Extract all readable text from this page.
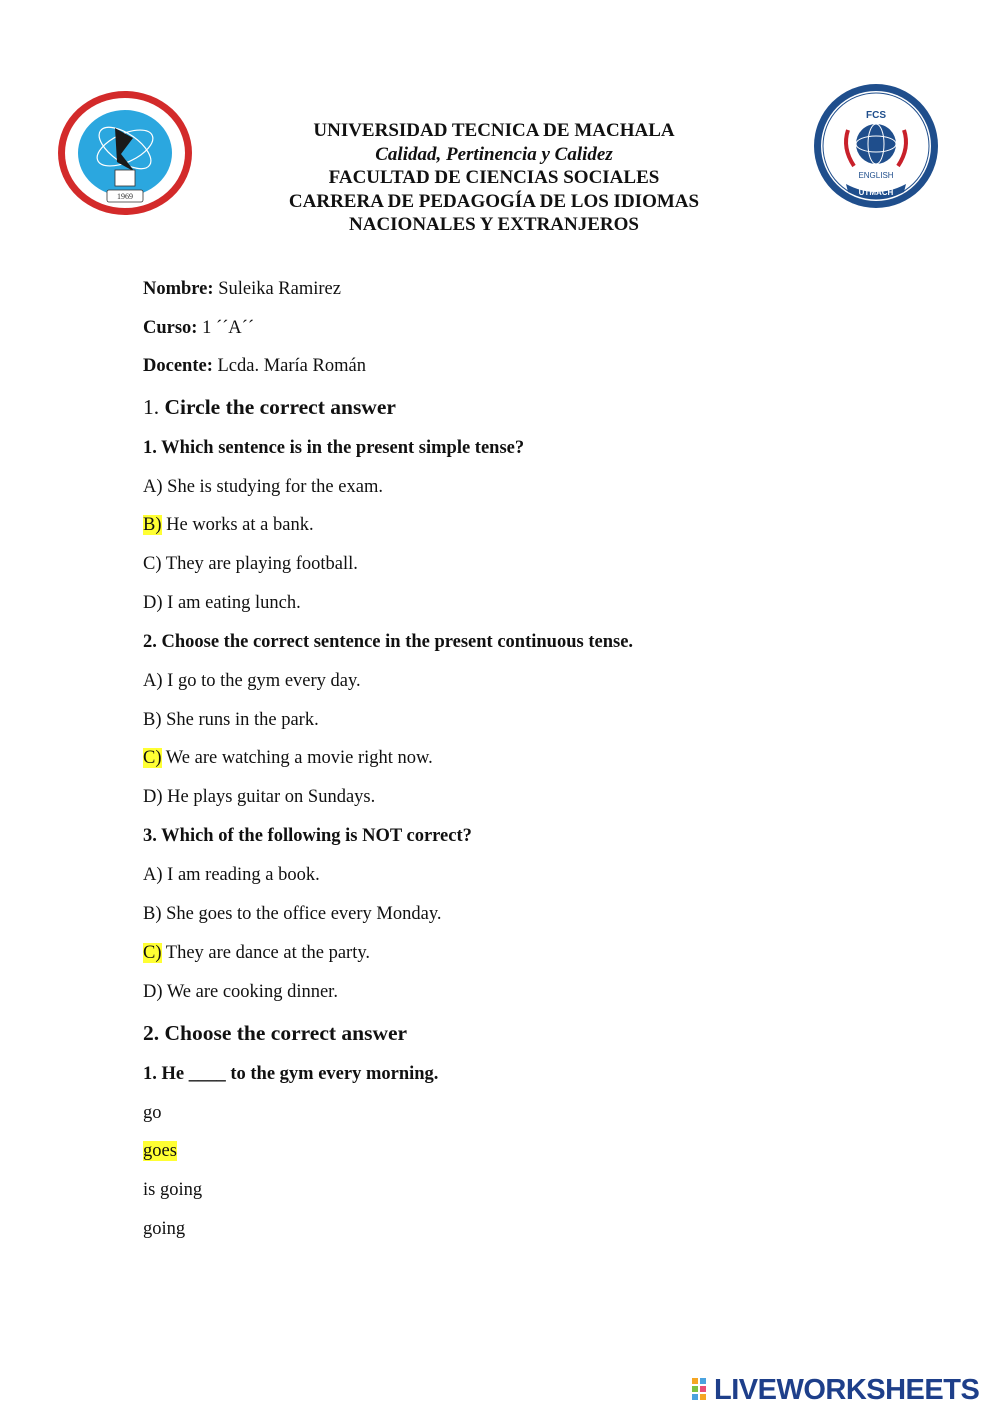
1969
UNIVERSIDAD TECNICA DE MACHALA
Calidad, Pertinencia y Calidez
FACULTAD DE CIENCIAS SOCIALES
CARRERA DE PEDAGOGÍA DE LOS IDIOMAS
NACIONALES Y EXTRANJEROS
FCS
ENGLISH
UTMACH
Nombre: Suleika Ramirez
Curso: 1 ´´A´´
Docente: Lcda. María Román
1. Circle the correct answer
1. Which sentence is in the present simple tense?
A) She is studying for the exam.
B) He works at a bank.
C) They are playing football.
D) I am eating lunch.
2. Choose the correct sentence in the present continuous tense.
A) I go to the gym every day.
B) She runs in the park.
C) We are watching a movie right now.
D) He plays guitar on Sundays.
3. Which of the following is NOT correct?
A) I am reading a book.
B) She goes to the office every Monday.
C) They are dance at the party.
D) We are cooking dinner.
2. Choose the correct answer
1. He ____ to the gym every morning.
go
goes
is going
going
LIVEWORKSHEETS
